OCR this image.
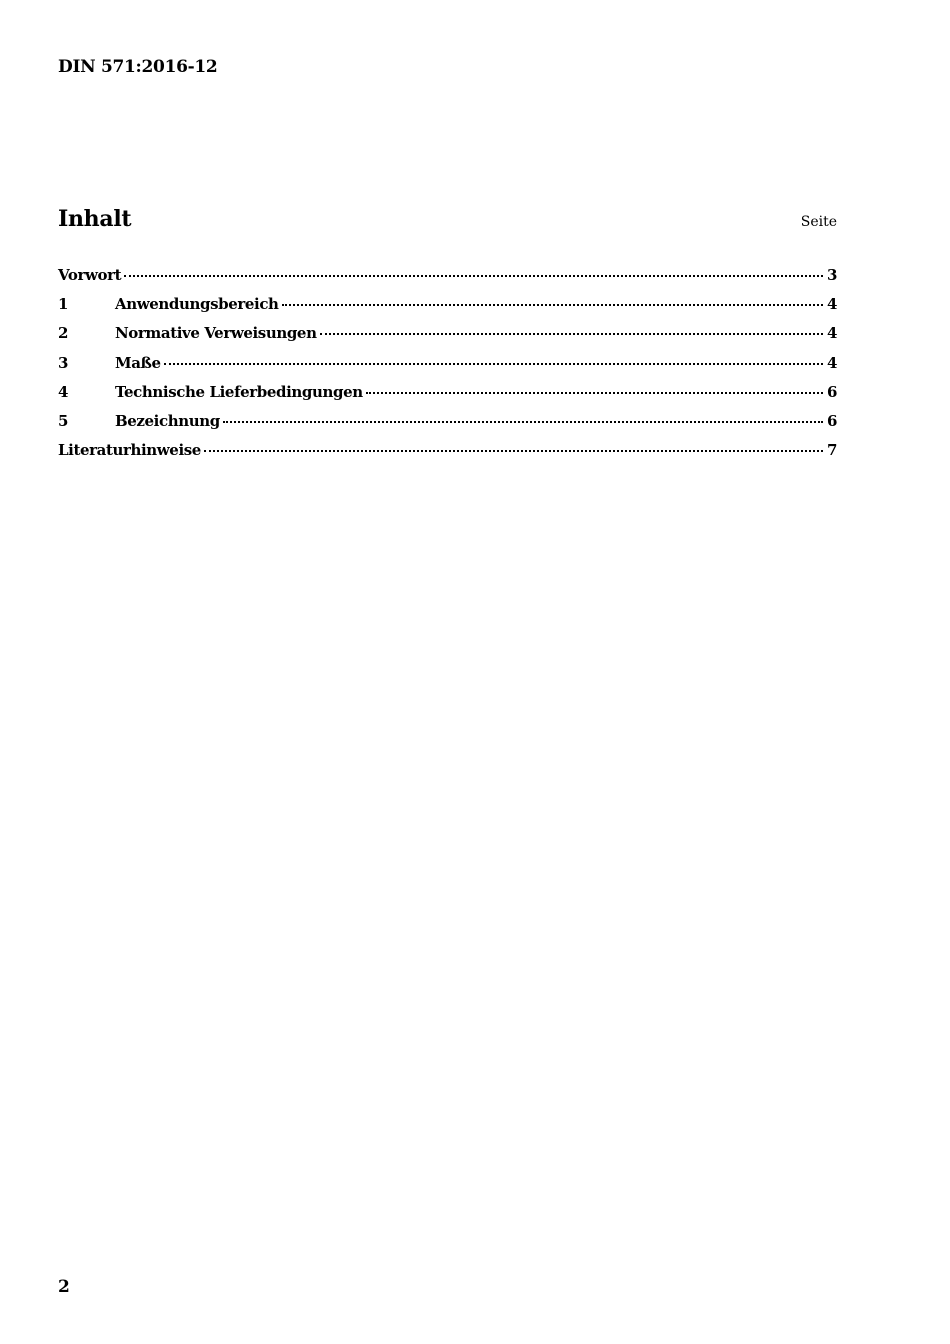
DIN 571:2016-12
Inhalt	Seite
Vorwort	3
1	Anwendungsbereich	4
2	Normative Verweisungen	4
3	Maße	4
4	Technische Lieferbedingungen	6
5	Bezeichnung	6
Literaturhinweise	7
2
